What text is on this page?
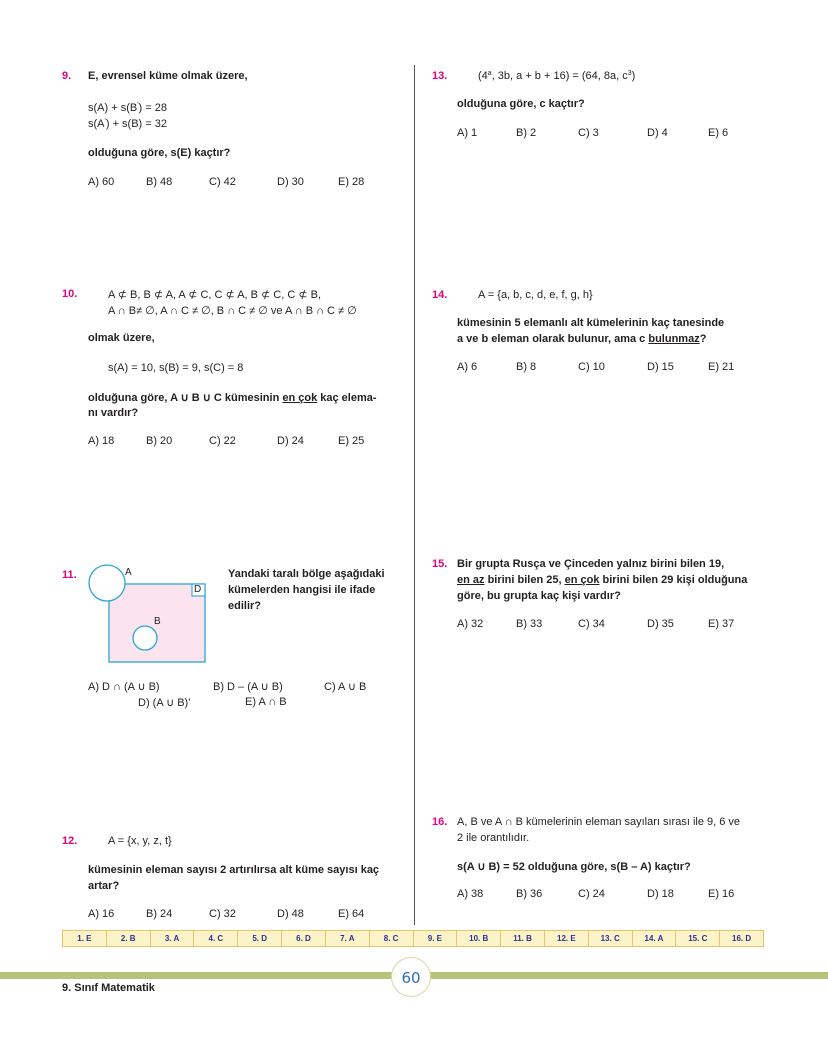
9. E, evrensel küme olmak üzere,
s(A) + s(B') = 28
s(A') + s(B) = 32
olduğuna göre, s(E) kaçtır?
A) 60	B) 48	C) 42	D) 30	E) 28
10.	A ⊄ B, B ⊄ A, A ⊄ C, C ⊄ A, B ⊄ C, C ⊄ B,
A ∩ B≠ ∅, A ∩ C ≠ ∅, B ∩ C ≠ ∅ ve A ∩ B ∩ C ≠ ∅
olmak üzere,
s(A) = 10, s(B) = 9, s(C) = 8
olduğuna göre, A ∪ B ∪ C kümesinin en çok kaç elema-
nı vardır?
A) 18	B) 20	C) 22	D) 24	E) 25
11.	A
D
B
Yandaki taralı bölge aşağıdaki
kümelerden hangisi ile ifade
edilir?
A) D ∩ (A ∪ B)	B) D – (A ∪ B)	C) A ∪ B
D) (A ∪ B)'	E) A ∩ B
12.	A = {x, y, z, t}
kümesinin eleman sayısı 2 artırılırsa alt küme sayısı kaç
artar?
A) 16	B) 24	C) 32	D) 48	E) 64
13.	(4$^a$, 3b, a + b + 16) = (64, 8a, $c^3$)
olduğuna göre, c kaçtır?
A) 1	B) 2	C) 3	D) 4	E) 6
14.	A = {a, b, c, d, e, f, g, h}
kümesinin 5 elemanlı alt kümelerinin kaç tanesinde
a ve b eleman olarak bulunur, ama c bulunmaz?
A) 6	B) 8	C) 10	D) 15	E) 21
15. Bir grupta Rusça ve Çinceden yalnız birini bilen 19,
en az birini bilen 25, en çok birini bilen 29 kişi olduğuna
göre, bu grupta kaç kişi vardır?
A) 32	B) 33	C) 34	D) 35	E) 37
16. A, B ve A ∩ B kümelerinin eleman sayıları sırası ile 9, 6 ve
2 ile orantılıdır.
s(A ∪ B) = 52 olduğuna göre, s(B – A) kaçtır?
A) 38	B) 36	C) 24	D) 18	E) 16
1. E	2. B	3. A	4. C	5. D	6. D	7. A	8. C	9. E	10. B	11. B	12. E	13. C	14. A	15. C	16. D
60
9. Sınıf Matematik
